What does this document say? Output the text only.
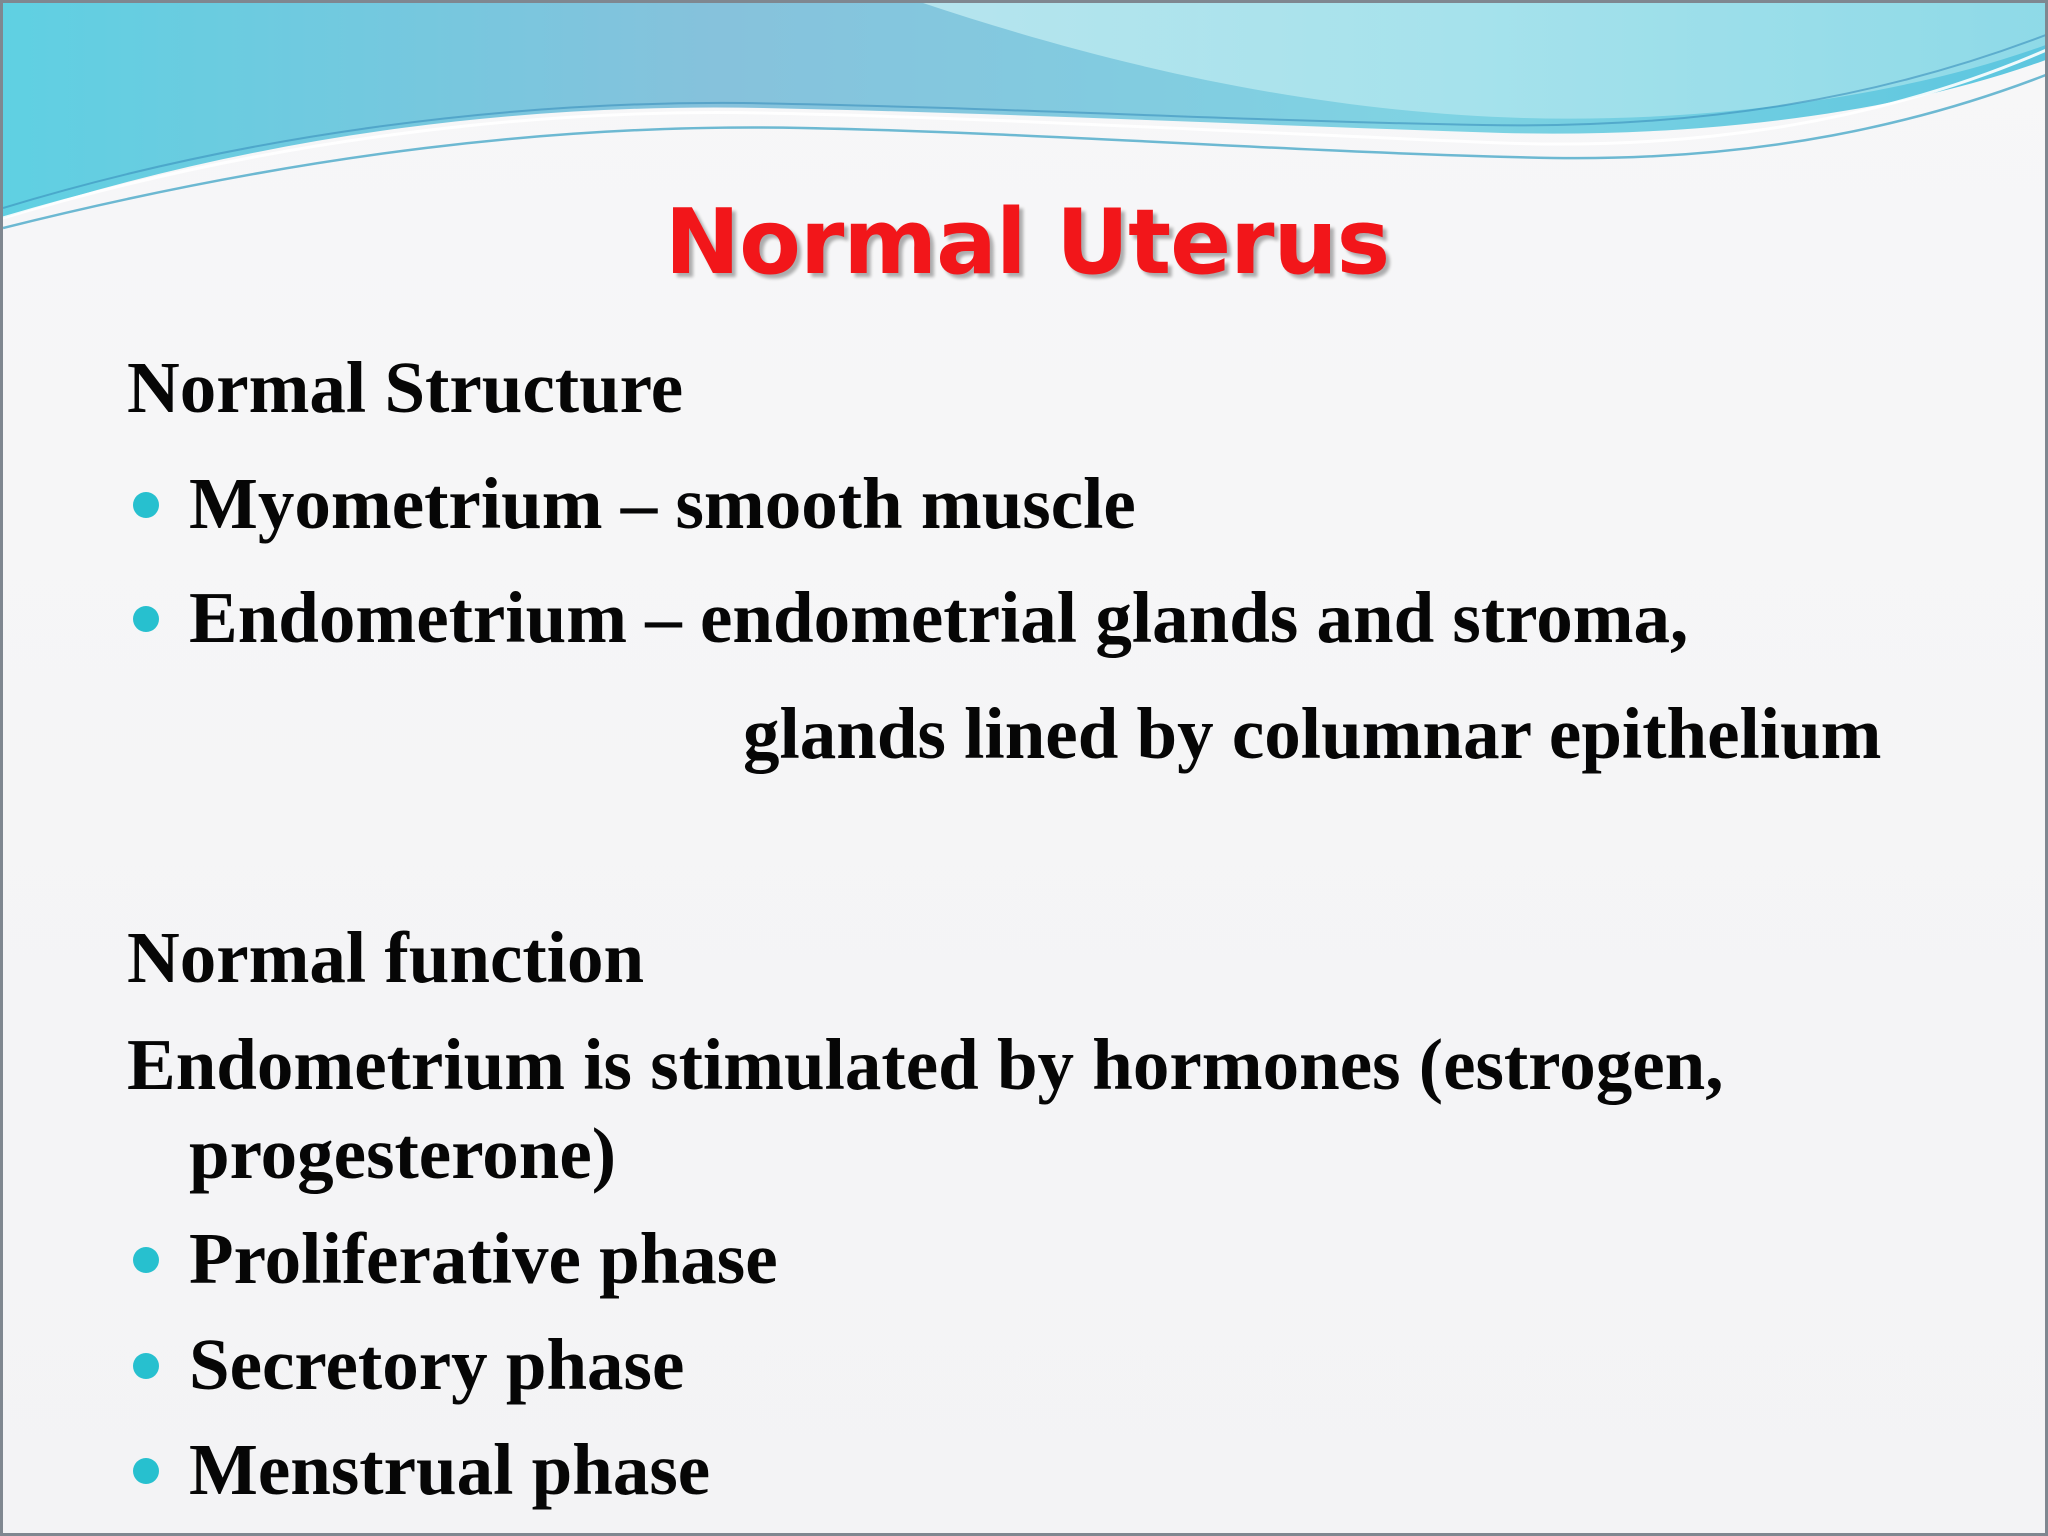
Normal Uterus
Normal Structure
Myometrium – smooth muscle
Endometrium – endometrial glands and stroma,
glands lined by columnar epithelium
Normal function
Endometrium is stimulated by hormones (estrogen,
progesterone)
Proliferative phase
Secretory phase
Menstrual phase
